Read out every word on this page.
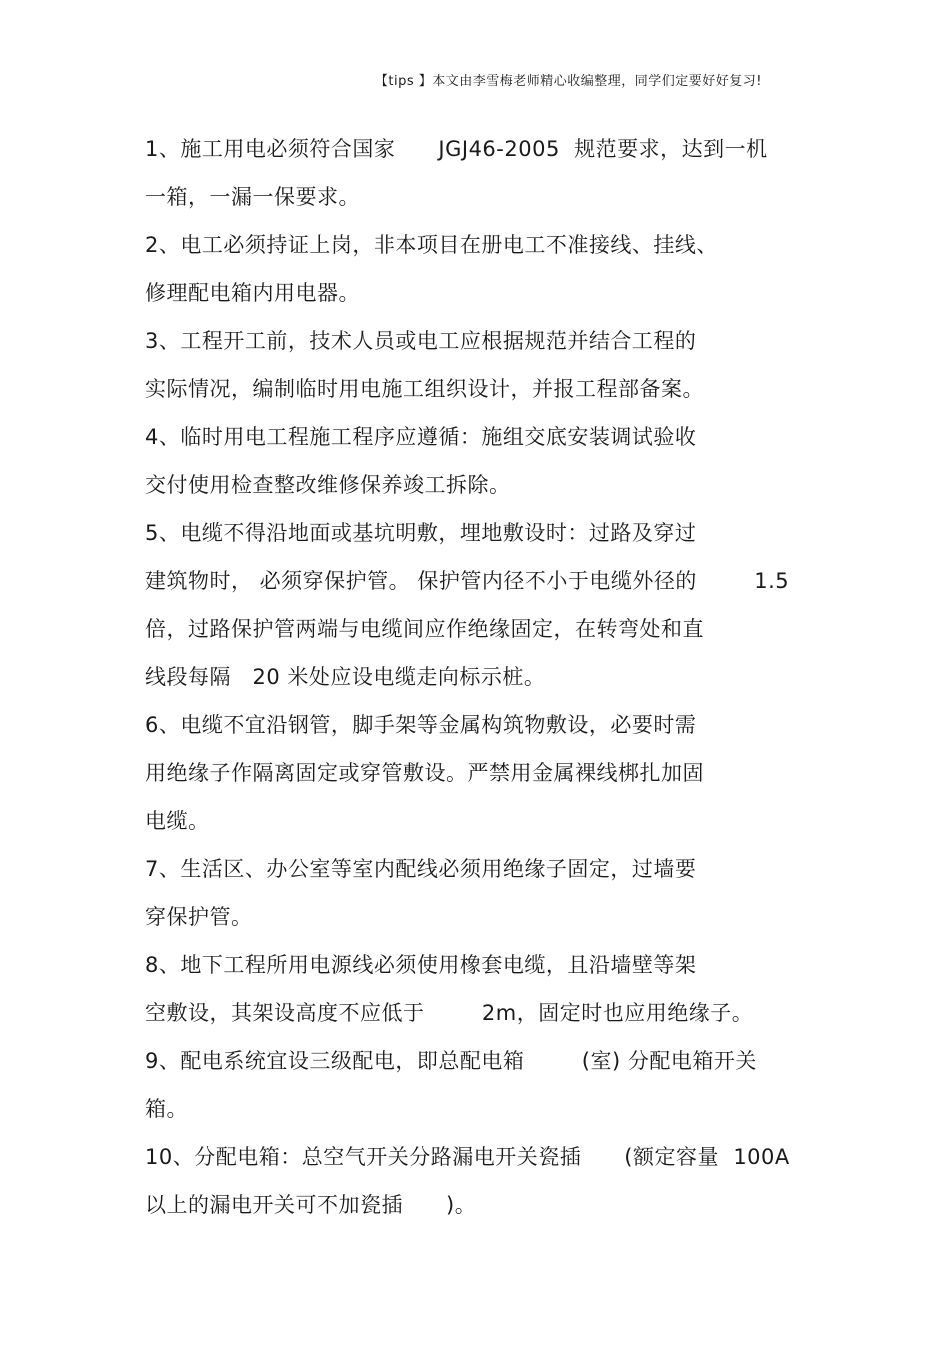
【tips 】本文由李雪梅老师精心收编整理，同学们定要好好复习!
1、施工用电必须符合国家      JGJ46-2005  规范要求，达到一机
一箱，一漏一保要求。
2、电工必须持证上岗，非本项目在册电工不准接线、挂线、
修理配电箱内用电器。
3、工程开工前，技术人员或电工应根据规范并结合工程的
实际情况，编制临时用电施工组织设计，并报工程部备案。
4、临时用电工程施工程序应遵循：施组交底安装调试验收
交付使用检查整改维修保养竣工拆除。
5、电缆不得沿地面或基坑明敷，埋地敷设时：过路及穿过
建筑物时， 必须穿保护管。 保护管内径不小于电缆外径的        1.5
倍，过路保护管两端与电缆间应作绝缘固定，在转弯处和直
线段每隔   20 米处应设电缆走向标示桩。
6、电缆不宜沿钢管，脚手架等金属构筑物敷设，必要时需
用绝缘子作隔离固定或穿管敷设。严禁用金属裸线梆扎加固
电缆。
7、生活区、办公室等室内配线必须用绝缘子固定，过墙要
穿保护管。
8、地下工程所用电源线必须使用橡套电缆，且沿墙壁等架
空敷设，其架设高度不应低于        2m，固定时也应用绝缘子。
9、配电系统宜设三级配电，即总配电箱        (室) 分配电箱开关
箱。
10、分配电箱：总空气开关分路漏电开关瓷插      (额定容量  100A
以上的漏电开关可不加瓷插      )。
